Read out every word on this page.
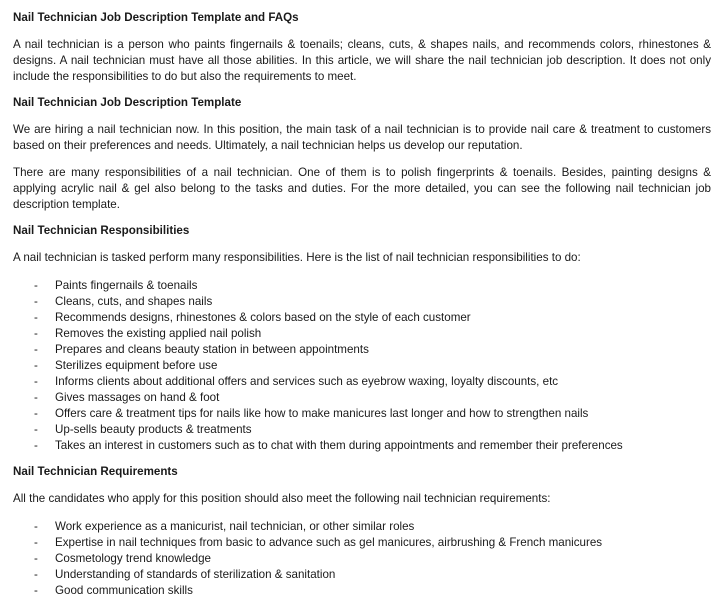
Nail Technician Job Description Template and FAQs

A nail technician is a person who paints fingernails & toenails; cleans, cuts, & shapes nails, and recommends colors, rhinestones & designs. A nail technician must have all those abilities. In this article, we will share the nail technician job description. It does not only include the responsibilities to do but also the requirements to meet.

Nail Technician Job Description Template

We are hiring a nail technician now. In this position, the main task of a nail technician is to provide nail care & treatment to customers based on their preferences and needs. Ultimately, a nail technician helps us develop our reputation.

There are many responsibilities of a nail technician. One of them is to polish fingerprints & toenails. Besides, painting designs & applying acrylic nail & gel also belong to the tasks and duties. For the more detailed, you can see the following nail technician job description template.

Nail Technician Responsibilities

A nail technician is tasked perform many responsibilities. Here is the list of nail technician responsibilities to do:

- Paints fingernails & toenails
- Cleans, cuts, and shapes nails
- Recommends designs, rhinestones & colors based on the style of each customer
- Removes the existing applied nail polish
- Prepares and cleans beauty station in between appointments
- Sterilizes equipment before use
- Informs clients about additional offers and services such as eyebrow waxing, loyalty discounts, etc
- Gives massages on hand & foot
- Offers care & treatment tips for nails like how to make manicures last longer and how to strengthen nails
- Up-sells beauty products & treatments
- Takes an interest in customers such as to chat with them during appointments and remember their preferences
Nail Technician Requirements

All the candidates who apply for this position should also meet the following nail technician requirements:

- Work experience as a manicurist, nail technician, or other similar roles
- Expertise in nail techniques from basic to advance such as gel manicures, airbrushing & French manicures
- Cosmetology trend knowledge
- Understanding of standards of sterilization & sanitation
- Good communication skills
